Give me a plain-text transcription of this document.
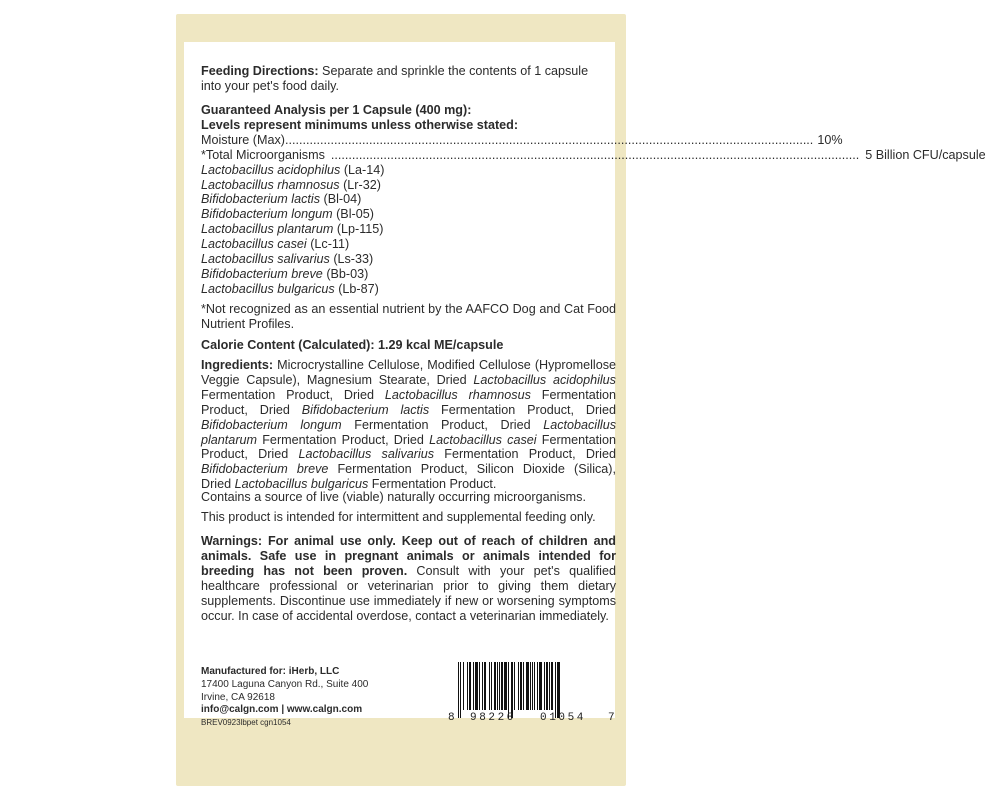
Feeding Directions: Separate and sprinkle the contents of 1 capsule
into your pet's food daily.
Guaranteed Analysis per 1 Capsule (400 mg):
Levels represent minimums unless otherwise stated:
Moisture (Max) ....................................................................................................................................................... 10%
*Total Microorganisms ....................................................................................................................................................... 5 Billion CFU/capsule
Lactobacillus acidophilus (La-14)
Lactobacillus rhamnosus (Lr-32)
Bifidobacterium lactis (Bl-04)
Bifidobacterium longum (Bl-05)
Lactobacillus plantarum (Lp-115)
Lactobacillus casei (Lc-11)
Lactobacillus salivarius (Ls-33)
Bifidobacterium breve (Bb-03)
Lactobacillus bulgaricus (Lb-87)
*Not recognized as an essential nutrient by the AAFCO Dog and Cat Food Nutrient Profiles.
Calorie Content (Calculated): 1.29 kcal ME/capsule
Ingredients: Microcrystalline Cellulose, Modified Cellulose (Hypromellose Veggie Capsule), Magnesium Stearate, Dried Lactobacillus acidophilus Fermentation Product, Dried Lactobacillus rhamnosus Fermentation Product, Dried Bifidobacterium lactis Fermentation Product, Dried Bifidobacterium longum Fermentation Product, Dried Lactobacillus plantarum Fermentation Product, Dried Lactobacillus casei Fermentation Product, Dried Lactobacillus salivarius Fermentation Product, Dried Bifidobacterium breve Fermentation Product, Silicon Dioxide (Silica), Dried Lactobacillus bulgaricus Fermentation Product.
Contains a source of live (viable) naturally occurring microorganisms.
This product is intended for intermittent and supplemental feeding only.
Warnings: For animal use only. Keep out of reach of children and animals. Safe use in pregnant animals or animals intended for breeding has not been proven. Consult with your pet's qualified healthcare professional or veterinarian prior to giving them dietary supplements. Discontinue use immediately if new or worsening symptoms occur. In case of accidental overdose, contact a veterinarian immediately.
Manufactured for: iHerb, LLC
17400 Laguna Canyon Rd., Suite 400
Irvine, CA 92618
info@calgn.com | www.calgn.com
BREV0923lbpet cgn1054	8 98220 01054 7
